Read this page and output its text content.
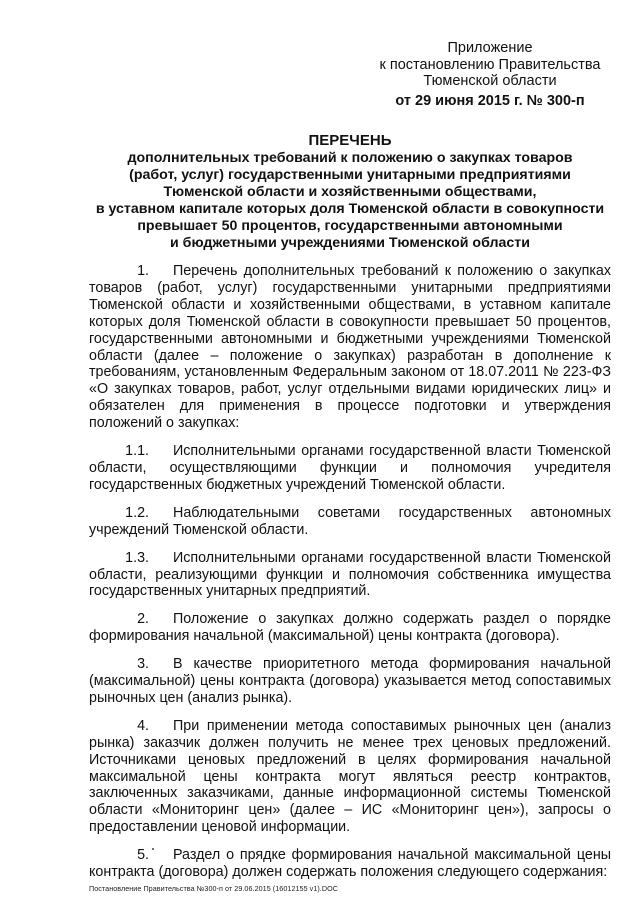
Приложение
к постановлению Правительства
Тюменской области
от 29 июня 2015 г. № 300-п
ПЕРЕЧЕНЬ
дополнительных требований к положению о закупках товаров
(работ, услуг) государственными унитарными предприятиями
Тюменской области и хозяйственными обществами,
в уставном капитале которых доля Тюменской области в совокупности
превышает 50 процентов, государственными автономными
и бюджетными учреждениями Тюменской области

1. Перечень дополнительных требований к положению о закупках товаров (работ, услуг) государственными унитарными предприятиями Тюменской области и хозяйственными обществами, в уставном капитале которых доля Тюменской области в совокупности превышает 50 процентов, государственными автономными и бюджетными учреждениями Тюменской области (далее – положение о закупках) разработан в дополнение к требованиям, установленным Федеральным законом от 18.07.2011 № 223-ФЗ «О закупках товаров, работ, услуг отдельными видами юридических лиц» и обязателен для применения в процессе подготовки и утверждения положений о закупках:

1.1. Исполнительными органами государственной власти Тюменской области, осуществляющими функции и полномочия учредителя государственных бюджетных учреждений Тюменской области.

1.2. Наблюдательными советами государственных автономных учреждений Тюменской области.

1.3. Исполнительными органами государственной власти Тюменской области, реализующими функции и полномочия собственника имущества государственных унитарных предприятий.

2. Положение о закупках должно содержать раздел о порядке формирования начальной (максимальной) цены контракта (договора).

3. В качестве приоритетного метода формирования начальной (максимальной) цены контракта (договора) указывается метод сопоставимых рыночных цен (анализ рынка).

4. При применении метода сопоставимых рыночных цен (анализ рынка) заказчик должен получить не менее трех ценовых предложений. Источниками ценовых предложений в целях формирования начальной максимальной цены контракта могут являться реестр контрактов, заключенных заказчиками, данные информационной системы Тюменской области «Мониторинг цен» (далее – ИС «Мониторинг цен»), запросы о предоставлении ценовой информации.

5. Раздел о прядке формирования начальной максимальной цены контракта (договора) должен содержать положения следующего содержания:

Постановление Правительства №300-п от 29.06.2015 (16012155 v1).DOC
